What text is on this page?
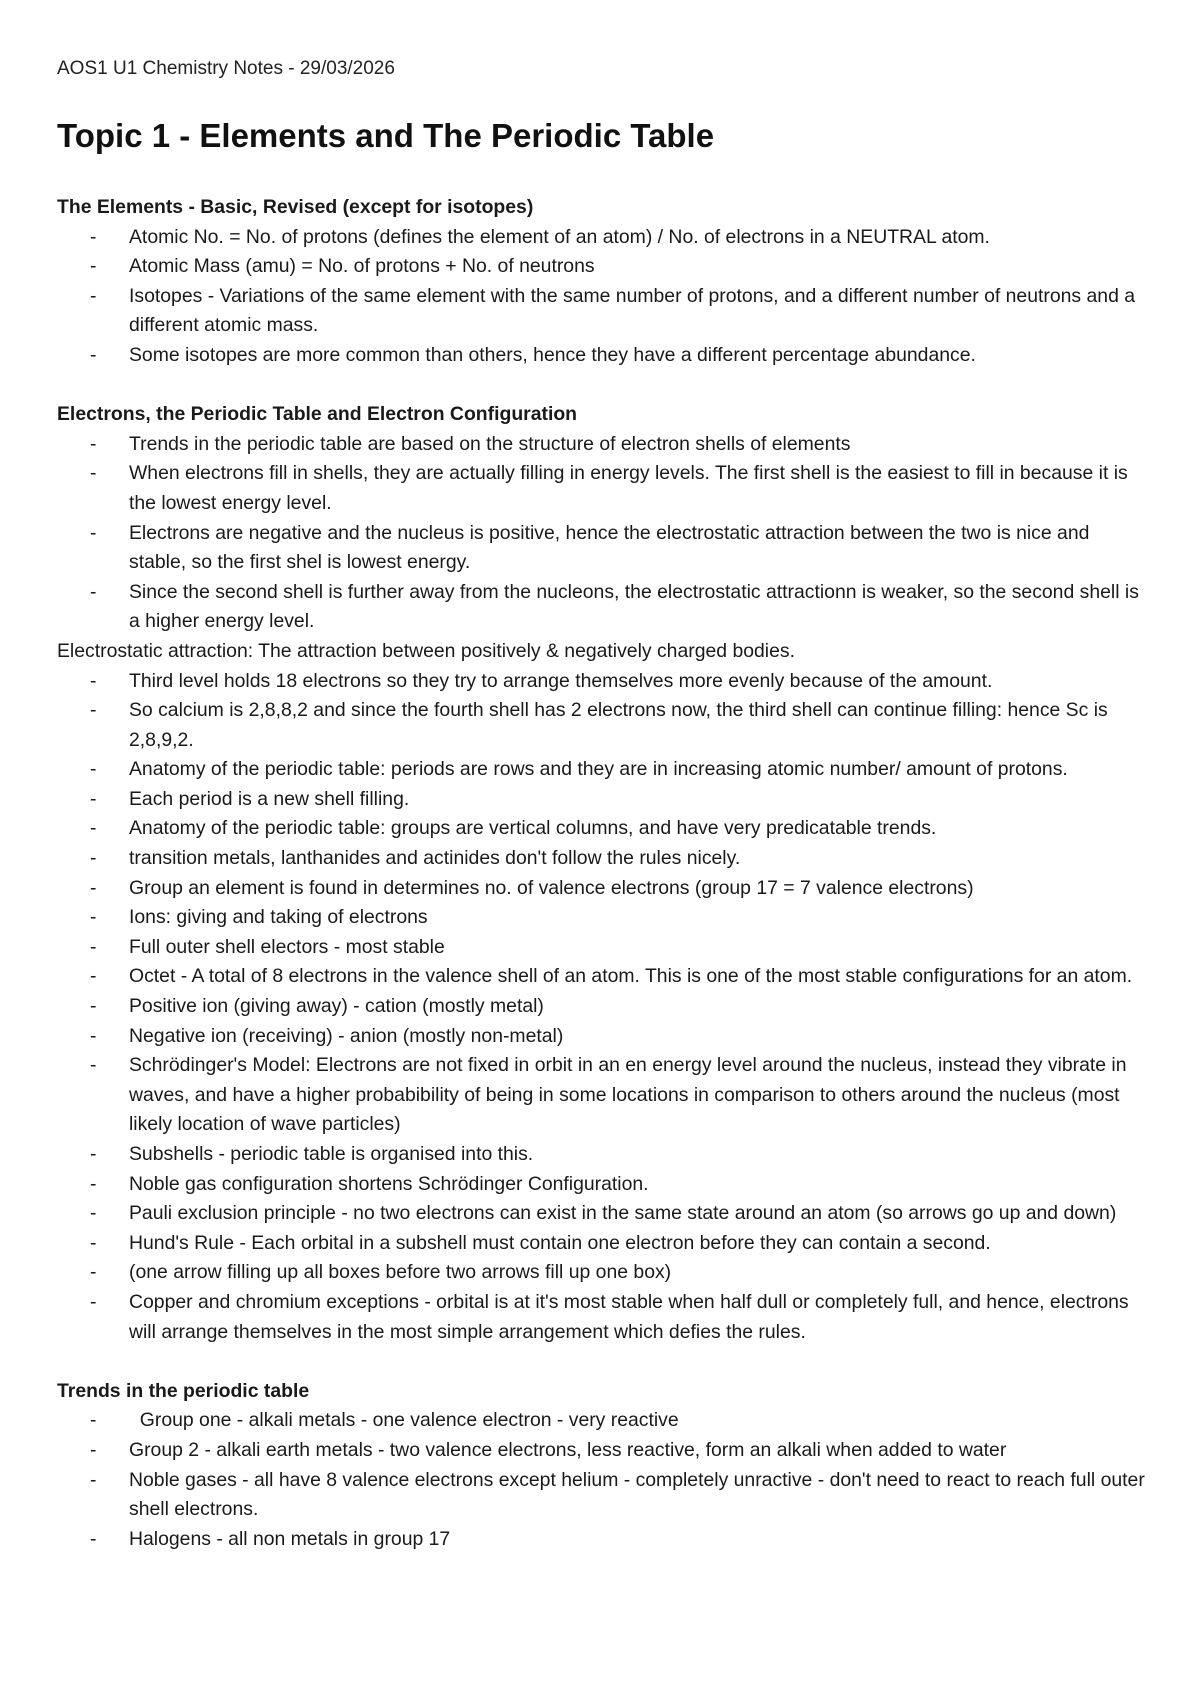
AOS1 U1 Chemistry Notes - 29/03/2026
Topic 1 - Elements and The Periodic Table

The Elements - Basic, Revised (except for isotopes)

- Atomic No. = No. of protons (defines the element of an atom) / No. of electrons in a NEUTRAL atom.
- Atomic Mass (amu) = No. of protons + No. of neutrons
- Isotopes - Variations of the same element with the same number of protons, and a different number of neutrons and a different atomic mass.
- Some isotopes are more common than others, hence they have a different percentage abundance.

Electrons, the Periodic Table and Electron Configuration

- Trends in the periodic table are based on the structure of electron shells of elements
- When electrons fill in shells, they are actually filling in energy levels. The first shell is the easiest to fill in because it is the lowest energy level.
- Electrons are negative and the nucleus is positive, hence the electrostatic attraction between the two is nice and stable, so the first shel is lowest energy.
- Since the second shell is further away from the nucleons, the electrostatic attractionn is weaker, so the second shell is a higher energy level.

Electrostatic attraction: The attraction between positively & negatively charged bodies.

- Third level holds 18 electrons so they try to arrange themselves more evenly because of the amount.
- So calcium is 2,8,8,2 and since the fourth shell has 2 electrons now, the third shell can continue filling: hence Sc is 2,8,9,2.
- Anatomy of the periodic table: periods are rows and they are in increasing atomic number/ amount of protons.
- Each period is a new shell filling.
- Anatomy of the periodic table: groups are vertical columns, and have very predicatable trends.
- transition metals, lanthanides and actinides don't follow the rules nicely.
- Group an element is found in determines no. of valence electrons (group 17 = 7 valence electrons)
- Ions: giving and taking of electrons
- Full outer shell electors - most stable
- Octet - A total of 8 electrons in the valence shell of an atom. This is one of the most stable configurations for an atom.
- Positive ion (giving away) - cation (mostly metal)
- Negative ion (receiving) - anion (mostly non-metal)
- Schrödinger's Model: Electrons are not fixed in orbit in an en energy level around the nucleus, instead they vibrate in waves, and have a higher probabibility of being in some locations in comparison to others around the nucleus (most likely location of wave particles)
- Subshells - periodic table is organised into this.
- Noble gas configuration shortens Schrödinger Configuration.
- Pauli exclusion principle - no two electrons can exist in the same state around an atom (so arrows go up and down)
- Hund's Rule - Each orbital in a subshell must contain one electron before they can contain a second.
- (one arrow filling up all boxes before two arrows fill up one box)
- Copper and chromium exceptions - orbital is at it's most stable when half dull or completely full, and hence, electrons will arrange themselves in the most simple arrangement which defies the rules.

Trends in the periodic table

- Group one - alkali metals - one valence electron - very reactive
- Group 2 - alkali earth metals - two valence electrons, less reactive, form an alkali when added to water
- Noble gases - all have 8 valence electrons except helium - completely unractive - don't need to react to reach full outer shell electrons.
- Halogens - all non metals in group 17
